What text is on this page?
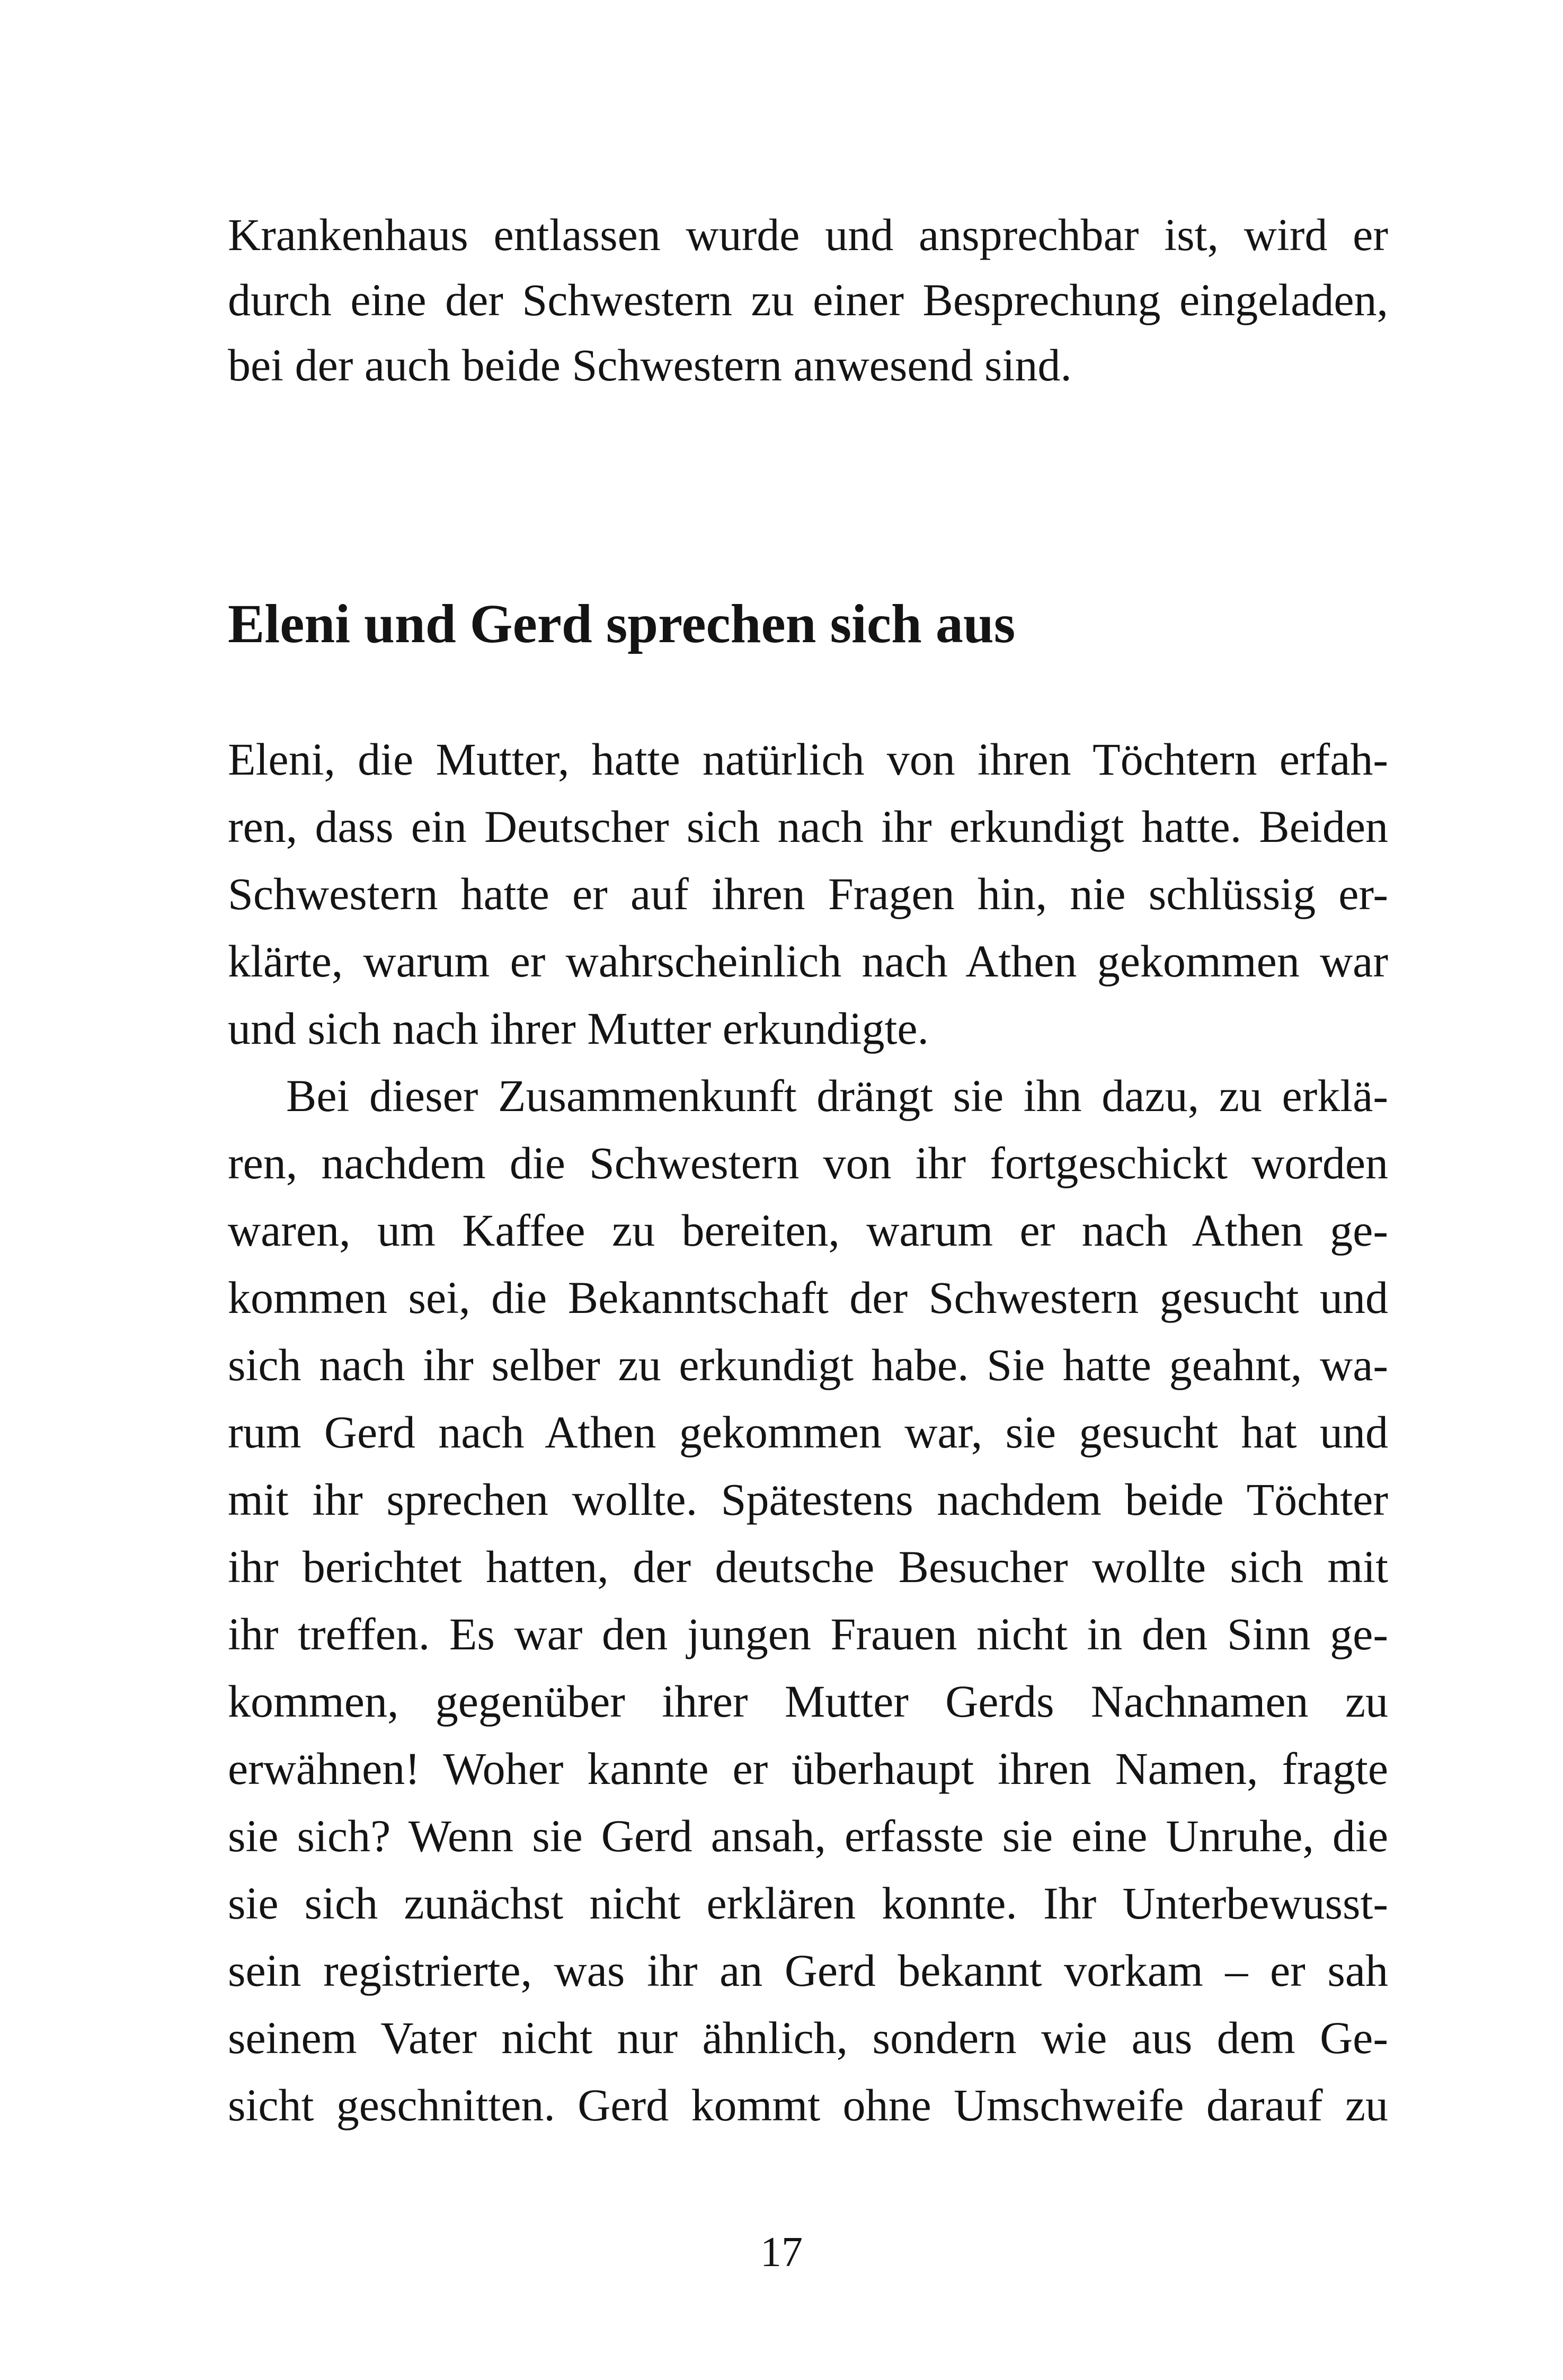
Krankenhaus entlassen wurde und ansprechbar ist, wird er

durch eine der Schwestern zu einer Besprechung eingeladen,

bei der auch beide Schwestern anwesend sind.

Eleni und Gerd sprechen sich aus

Eleni, die Mutter, hatte natürlich von ihren Töchtern erfah-

ren, dass ein Deutscher sich nach ihr erkundigt hatte. Beiden

Schwestern hatte er auf ihren Fragen hin, nie schlüssig er-

klärte, warum er wahrscheinlich nach Athen gekommen war

und sich nach ihrer Mutter erkundigte.

Bei dieser Zusammenkunft drängt sie ihn dazu, zu erklä-

ren, nachdem die Schwestern von ihr fortgeschickt worden

waren, um Kaffee zu bereiten, warum er nach Athen ge-

kommen sei, die Bekanntschaft der Schwestern gesucht und

sich nach ihr selber zu erkundigt habe. Sie hatte geahnt, wa-

rum Gerd nach Athen gekommen war, sie gesucht hat und

mit ihr sprechen wollte. Spätestens nachdem beide Töchter

ihr berichtet hatten, der deutsche Besucher wollte sich mit

ihr treffen. Es war den jungen Frauen nicht in den Sinn ge-

kommen, gegenüber ihrer Mutter Gerds Nachnamen zu

erwähnen! Woher kannte er überhaupt ihren Namen, fragte

sie sich? Wenn sie Gerd ansah, erfasste sie eine Unruhe, die

sie sich zunächst nicht erklären konnte. Ihr Unterbewusst-

sein registrierte, was ihr an Gerd bekannt vorkam – er sah

seinem Vater nicht nur ähnlich, sondern wie aus dem Ge-

sicht geschnitten. Gerd kommt ohne Umschweife darauf zu

17
